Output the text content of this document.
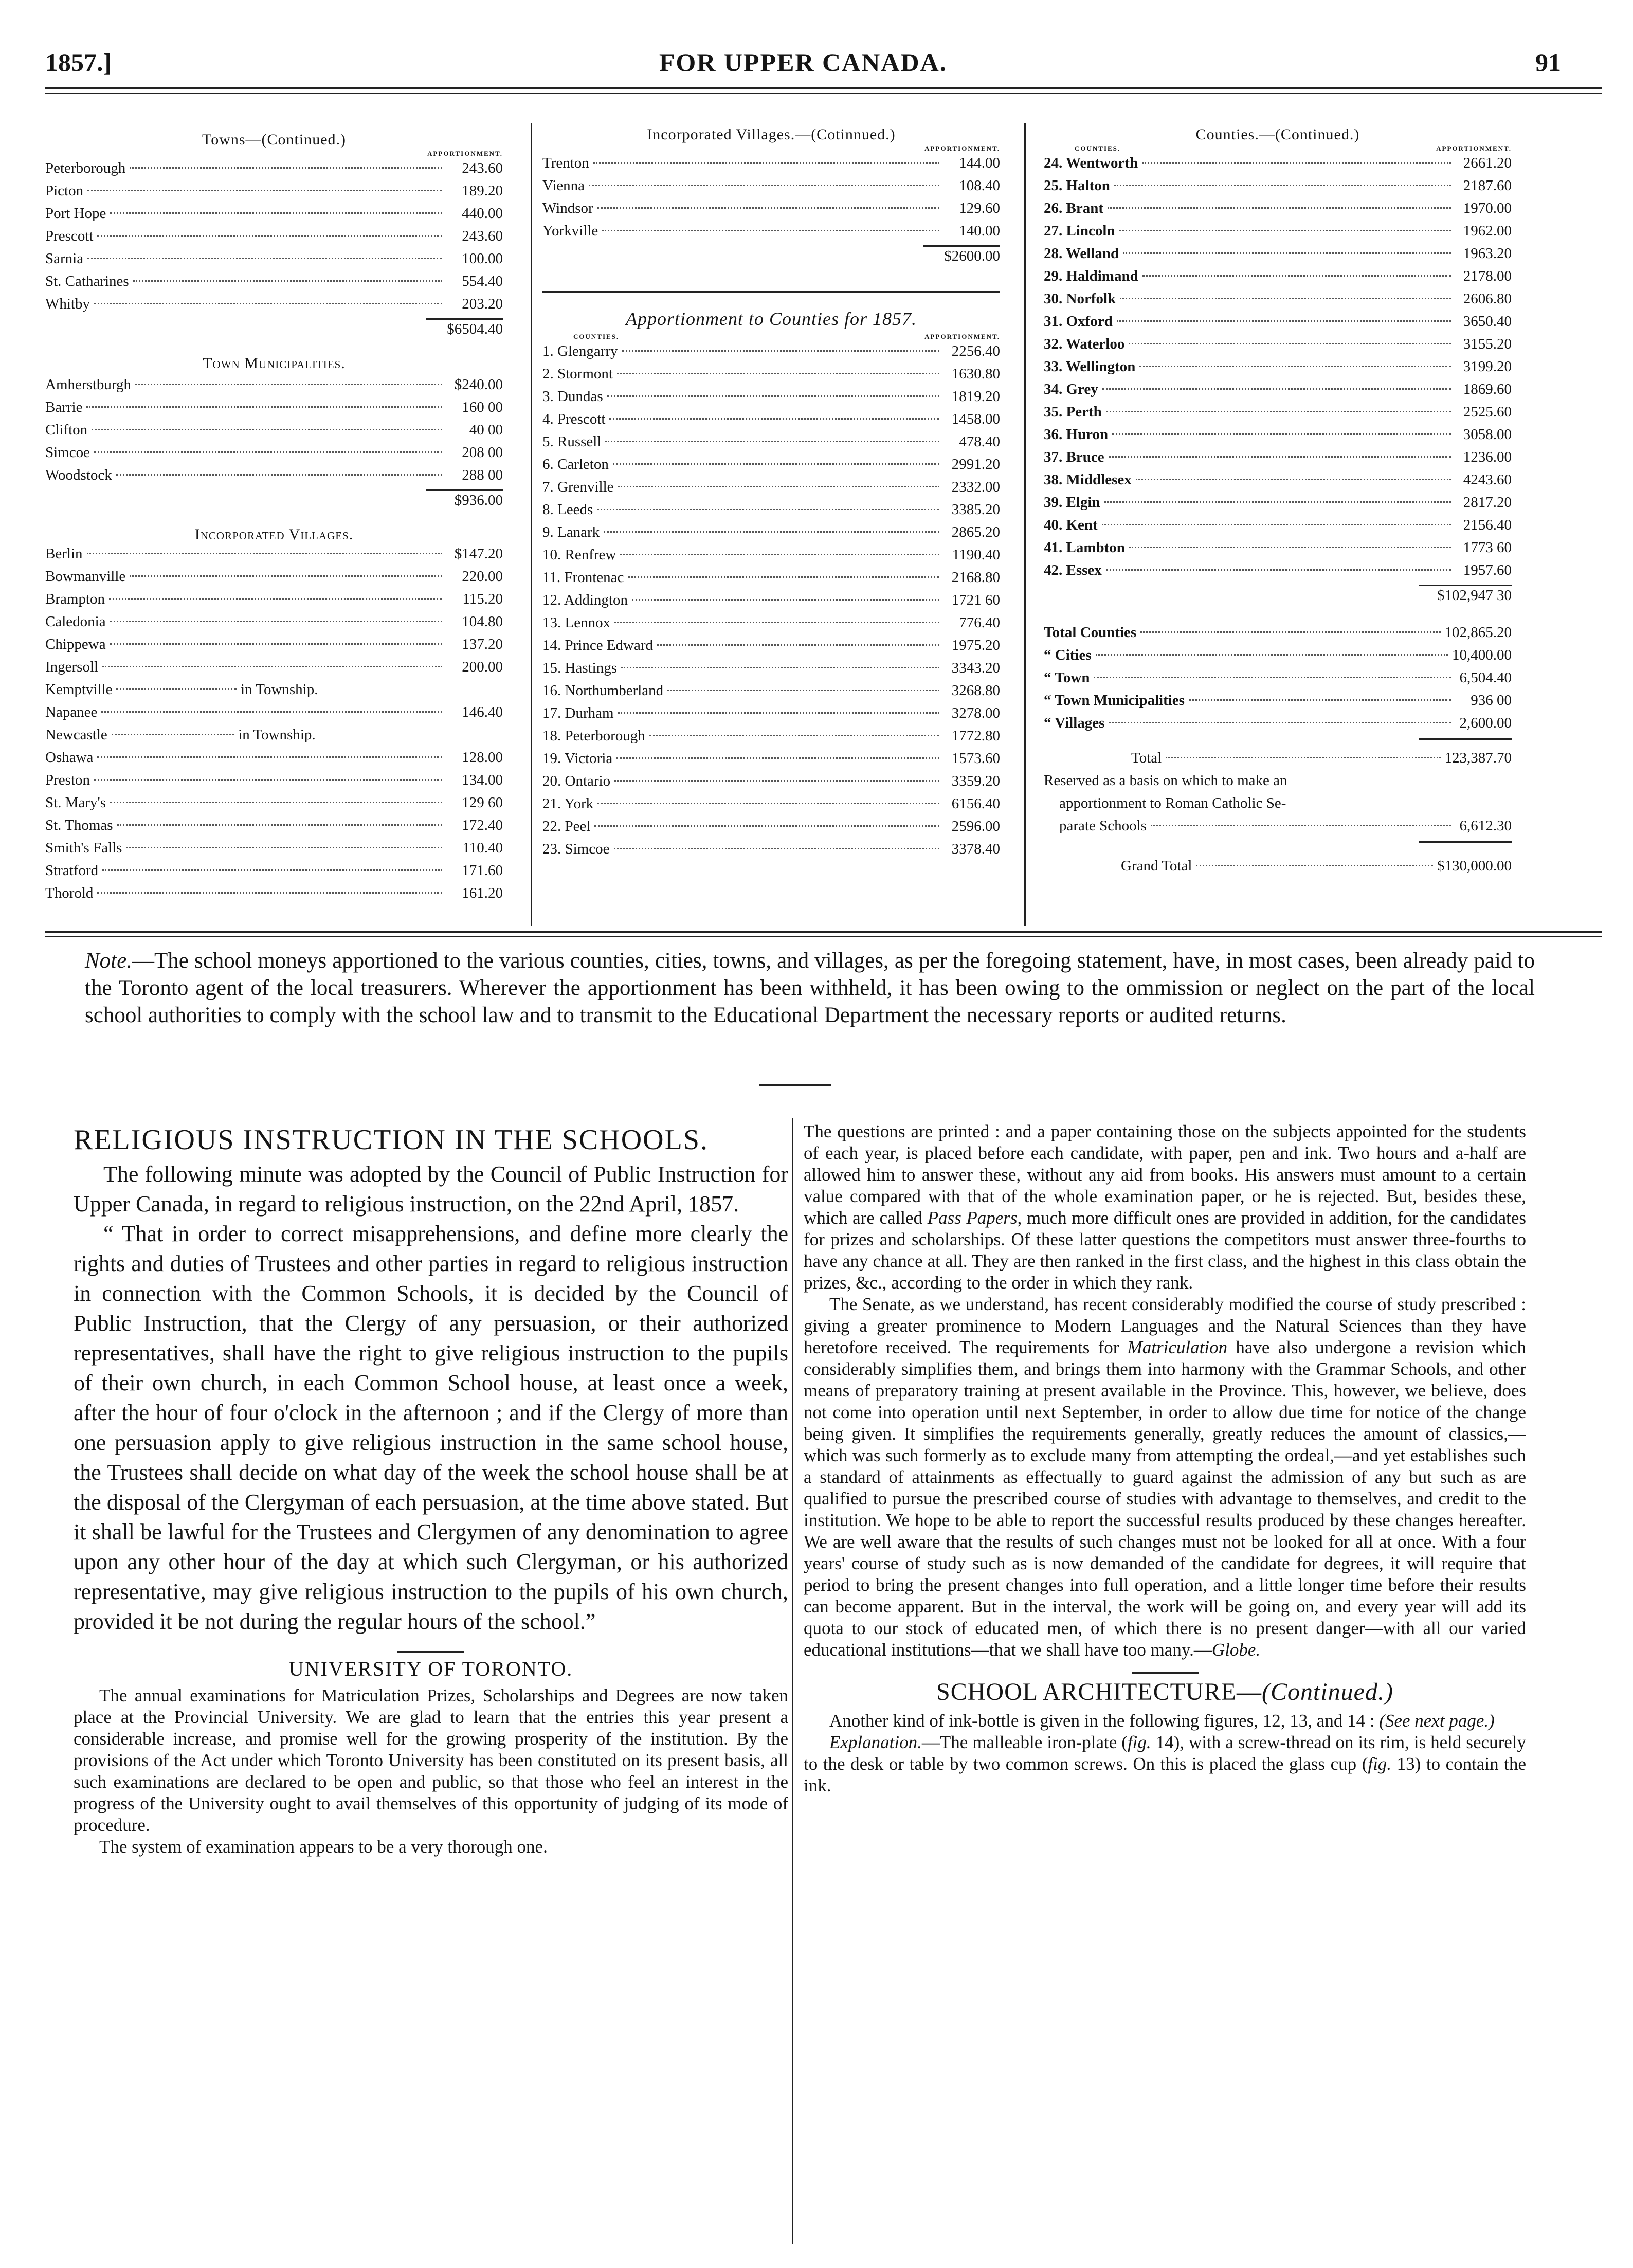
1857.]	FOR UPPER CANADA.	91
Towns—(Continued.)
APPORTIONMENT.
Peterborough	243.60
Picton	189.20
Port Hope	440.00
Prescott	243.60
Sarnia	100.00
St. Catharines	554.40
Whitby	203.20
$6504.40
Town Municipalities.
Amherstburgh	$240.00
Barrie	160 00
Clifton	40 00
Simcoe	208 00
Woodstock	288 00
$936.00
Incorporated Villages.
Berlin	$147.20
Bowmanville	220.00
Brampton	115.20
Caledonia	104.80
Chippewa	137.20
Ingersoll	200.00
Kemptville	in Township.
Napanee	146.40
Newcastle	in Township.
Oshawa	128.00
Preston	134.00
St. Mary's	129 60
St. Thomas	172.40
Smith's Falls	110.40
Stratford	171.60
Thorold	161.20
Incorporated Villages.—(Cotinnued.)
APPORTIONMENT.
Trenton	144.00
Vienna	108.40
Windsor	129.60
Yorkville	140.00
$2600.00
Apportionment to Counties for 1857.
COUNTIES.	APPORTIONMENT.
1. Glengarry	2256.40
2. Stormont	1630.80
3. Dundas	1819.20
4. Prescott	1458.00
5. Russell	478.40
6. Carleton	2991.20
7. Grenville	2332.00
8. Leeds	3385.20
9. Lanark	2865.20
10. Renfrew	1190.40
11. Frontenac	2168.80
12. Addington	1721 60
13. Lennox	776.40
14. Prince Edward	1975.20
15. Hastings	3343.20
16. Northumberland	3268.80
17. Durham	3278.00
18. Peterborough	1772.80
19. Victoria	1573.60
20. Ontario	3359.20
21. York	6156.40
22. Peel	2596.00
23. Simcoe	3378.40
Counties.—(Continued.)
COUNTIES.	APPORTIONMENT.
24. Wentworth	2661.20
25. Halton	2187.60
26. Brant	1970.00
27. Lincoln	1962.00
28. Welland	1963.20
29. Haldimand	2178.00
30. Norfolk	2606.80
31. Oxford	3650.40
32. Waterloo	3155.20
33. Wellington	3199.20
34. Grey	1869.60
35. Perth	2525.60
36. Huron	3058.00
37. Bruce	1236.00
38. Middlesex	4243.60
39. Elgin	2817.20
40. Kent	2156.40
41. Lambton	1773 60
42. Essex	1957.60
$102,947 30
Total Counties	102,865.20
“ Cities	10,400.00
“ Town	6,504.40
“ Town Municipalities	936 00
“ Villages	2,600.00
Total	123,387.70
Reserved as a basis on which to make an
apportionment to Roman Catholic Se-
parate Schools	6,612.30
Grand Total	$130,000.00
Note.—The school moneys apportioned to the various counties, cities, towns, and villages, as per the foregoing statement, have, in most cases, been already paid to the Toronto agent of the local treasurers. Wherever the apportionment has been withheld, it has been owing to the ommission or neglect on the part of the local school authorities to comply with the school law and to transmit to the Educational Department the necessary reports or audited returns.
RELIGIOUS INSTRUCTION IN THE SCHOOLS.

The following minute was adopted by the Council of Public Instruction for Upper Canada, in regard to religious instruction, on the 22nd April, 1857.

“ That in order to correct misapprehensions, and define more clearly the rights and duties of Trustees and other parties in regard to religious instruction in connection with the Common Schools, it is decided by the Council of Public Instruction, that the Clergy of any persuasion, or their authorized representatives, shall have the right to give religious instruction to the pupils of their own church, in each Common School house, at least once a week, after the hour of four o'clock in the afternoon ; and if the Clergy of more than one persuasion apply to give religious instruction in the same school house, the Trustees shall decide on what day of the week the school house shall be at the disposal of the Clergyman of each persuasion, at the time above stated. But it shall be lawful for the Trustees and Clergymen of any denomination to agree upon any other hour of the day at which such Clergyman, or his authorized representative, may give religious instruction to the pupils of his own church, provided it be not during the regular hours of the school.”

UNIVERSITY OF TORONTO.

The annual examinations for Matriculation Prizes, Scholarships and Degrees are now taken place at the Provincial University. We are glad to learn that the entries this year present a considerable increase, and promise well for the growing prosperity of the institution. By the provisions of the Act under which Toronto University has been constituted on its present basis, all such examinations are declared to be open and public, so that those who feel an interest in the progress of the University ought to avail themselves of this opportunity of judging of its mode of procedure.

The system of examination appears to be a very thorough one.

The questions are printed : and a paper containing those on the subjects appointed for the students of each year, is placed before each candidate, with paper, pen and ink. Two hours and a-half are allowed him to answer these, without any aid from books. His answers must amount to a certain value compared with that of the whole examination paper, or he is rejected. But, besides these, which are called Pass Papers, much more difficult ones are provided in addition, for the candidates for prizes and scholarships. Of these latter questions the competitors must answer three-fourths to have any chance at all. They are then ranked in the first class, and the highest in this class obtain the prizes, &c., according to the order in which they rank.

The Senate, as we understand, has recent considerably modified the course of study prescribed : giving a greater prominence to Modern Languages and the Natural Sciences than they have heretofore received. The requirements for Matriculation have also undergone a revision which considerably simplifies them, and brings them into harmony with the Grammar Schools, and other means of preparatory training at present available in the Province. This, however, we believe, does not come into operation until next September, in order to allow due time for notice of the change being given. It simplifies the requirements generally, greatly reduces the amount of classics,—which was such formerly as to exclude many from attempting the ordeal,—and yet establishes such a standard of attainments as effectually to guard against the admission of any but such as are qualified to pursue the prescribed course of studies with advantage to themselves, and credit to the institution. We hope to be able to report the successful results produced by these changes hereafter. We are well aware that the results of such changes must not be looked for all at once. With a four years' course of study such as is now demanded of the candidate for degrees, it will require that period to bring the present changes into full operation, and a little longer time before their results can become apparent. But in the interval, the work will be going on, and every year will add its quota to our stock of educated men, of which there is no present danger—with all our varied educational institutions—that we shall have too many.—Globe.

SCHOOL ARCHITECTURE—(Continued.)

Another kind of ink-bottle is given in the following figures, 12, 13, and 14 : (See next page.)

Explanation.—The malleable iron-plate (fig. 14), with a screw-thread on its rim, is held securely to the desk or table by two common screws. On this is placed the glass cup (fig. 13) to contain the ink.
